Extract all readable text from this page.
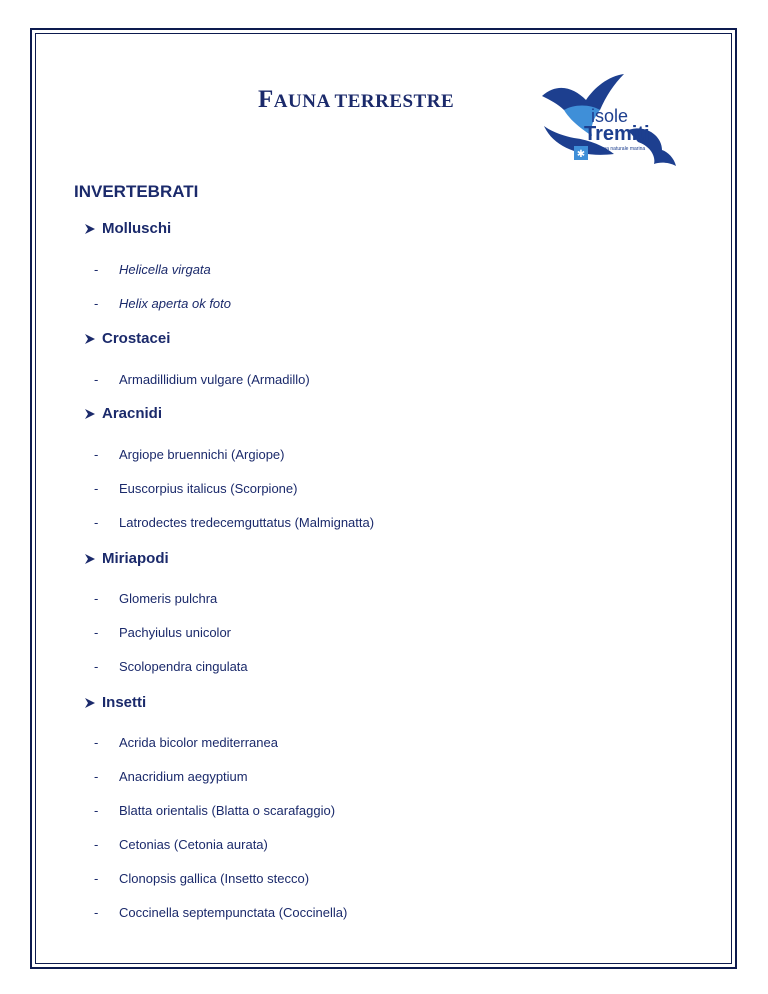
FAUNA TERRESTRE
✱
isole
Tremiti
riserva naturale marina
INVERTEBRATI
Molluschi
-	Helicella virgata
-	Helix aperta ok foto
Crostacei
-	Armadillidium vulgare (Armadillo)
Aracnidi
-	Argiope bruennichi (Argiope)
-	Euscorpius italicus (Scorpione)
-	Latrodectes tredecemguttatus (Malmignatta)
Miriapodi
-	Glomeris pulchra
-	Pachyiulus unicolor
-	Scolopendra cingulata
Insetti
-	Acrida bicolor mediterranea
-	Anacridium aegyptium
-	Blatta orientalis (Blatta o scarafaggio)
-	Cetonias (Cetonia aurata)
-	Clonopsis gallica (Insetto stecco)
-	Coccinella septempunctata (Coccinella)
